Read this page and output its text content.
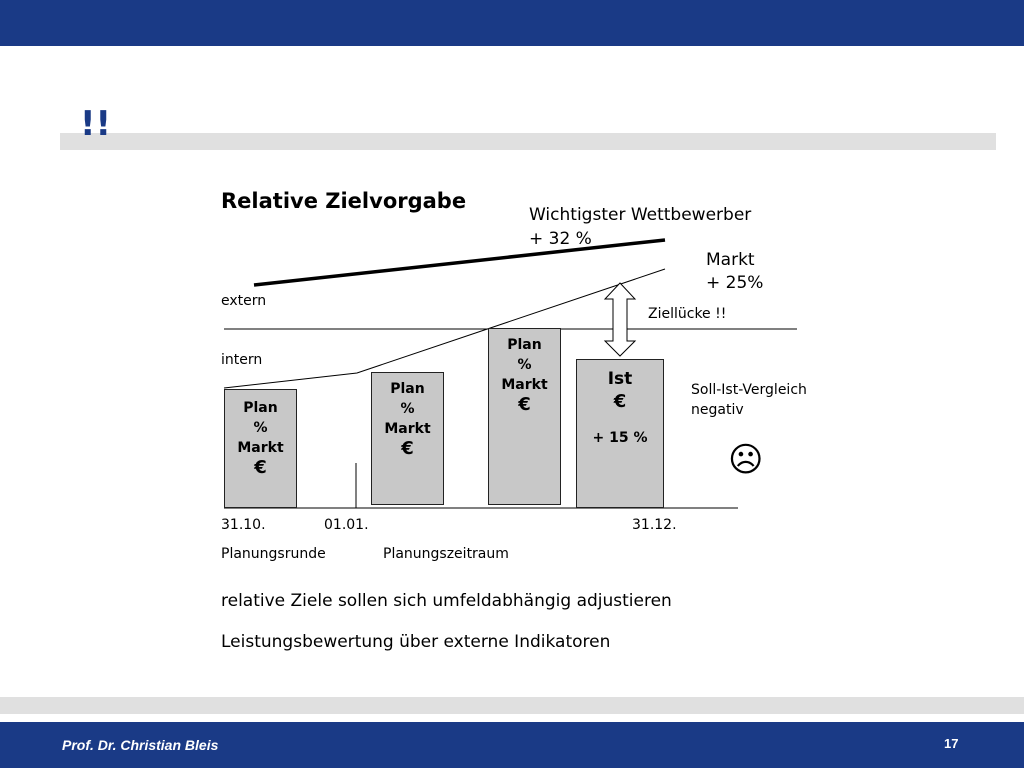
!!
Relative Zielvorgabe
Wichtigster Wettbewerber
+ 32 %
Markt
+ 25%
extern
intern
Ziellücke !!
Soll-Ist-Vergleich
negativ
☹
Plan
%
Markt
€
Plan
%
Markt
€
Plan
%
Markt
€
Ist
€
+ 15 %
31.10.	01.01.	31.12.
Planungsrunde	Planungszeitraum
relative Ziele sollen sich umfeldabhängig adjustieren
Leistungsbewertung über externe Indikatoren
Prof. Dr. Christian Bleis	17
